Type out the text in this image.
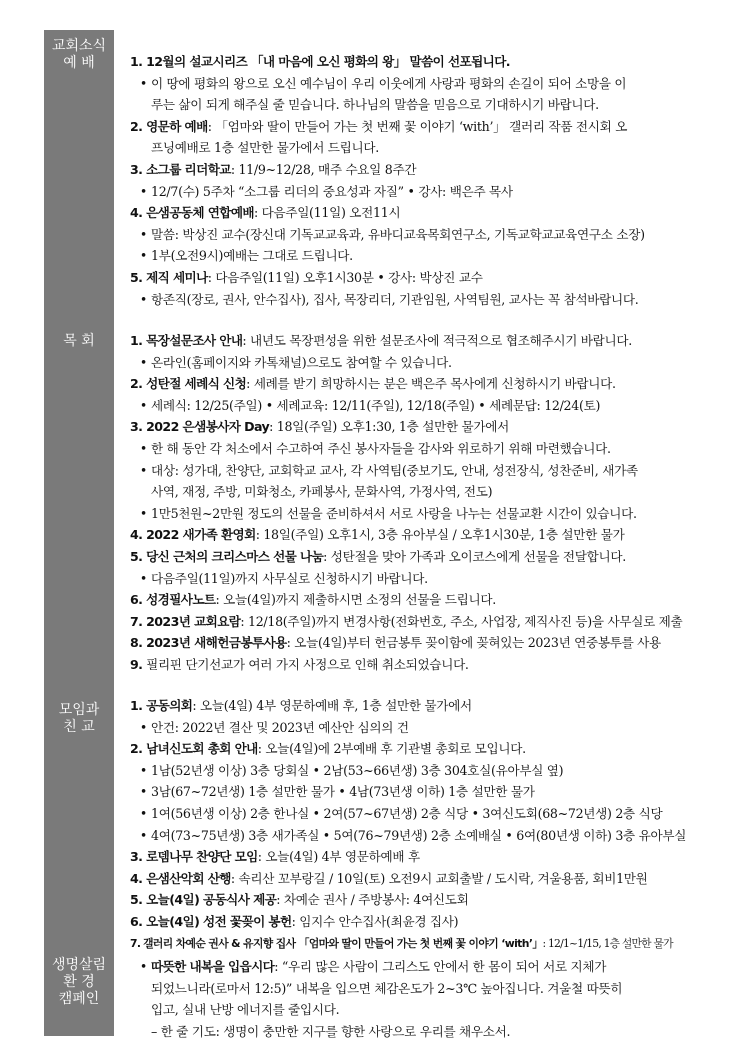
교회소식
예 배
목 회
모임과
친 교
생명살림
환 경
캠페인
1. 12월의 설교시리즈 「내 마음에 오신 평화의 왕」 말씀이 선포됩니다.
• 이 땅에 평화의 왕으로 오신 예수님이 우리 이웃에게 사랑과 평화의 손길이 되어 소망을 이
루는 삶이 되게 해주실 줄 믿습니다. 하나님의 말씀을 믿음으로 기대하시기 바랍니다.
2. 영문하 예배: 「엄마와 딸이 만들어 가는 첫 번째 꽃 이야기 ‘with’」 갤러리 작품 전시회 오
프닝예배로 1층 설만한 물가에서 드립니다.
3. 소그룹 리더학교: 11/9~12/28, 매주 수요일 8주간
• 12/7(수) 5주차 “소그룹 리더의 중요성과 자질” • 강사: 백은주 목사
4. 은샘공동체 연합예배: 다음주일(11일) 오전11시
• 말씀: 박상진 교수(장신대 기독교교육과, 유바디교육목회연구소, 기독교학교교육연구소 소장)
• 1부(오전9시)예배는 그대로 드립니다.
5. 제직 세미나: 다음주일(11일) 오후1시30분 • 강사: 박상진 교수
• 항존직(장로, 권사, 안수집사), 집사, 목장리더, 기관임원, 사역팀원, 교사는 꼭 참석바랍니다.
1. 목장설문조사 안내: 내년도 목장편성을 위한 설문조사에 적극적으로 협조해주시기 바랍니다.
• 온라인(홈페이지와 카톡채널)으로도 참여할 수 있습니다.
2. 성탄절 세례식 신청: 세례를 받기 희망하시는 분은 백은주 목사에게 신청하시기 바랍니다.
• 세례식: 12/25(주일) • 세례교육: 12/11(주일), 12/18(주일) • 세례문답: 12/24(토)
3. 2022 은샘봉사자 Day: 18일(주일) 오후1:30, 1층 설만한 물가에서
• 한 해 동안 각 처소에서 수고하여 주신 봉사자들을 감사와 위로하기 위해 마련했습니다.
• 대상: 성가대, 찬양단, 교회학교 교사, 각 사역팀(중보기도, 안내, 성전장식, 성찬준비, 새가족
사역, 재정, 주방, 미화청소, 카페봉사, 문화사역, 가정사역, 전도)
• 1만5천원~2만원 정도의 선물을 준비하셔서 서로 사랑을 나누는 선물교환 시간이 있습니다.
4. 2022 새가족 환영회: 18일(주일) 오후1시, 3층 유아부실 / 오후1시30분, 1층 설만한 물가
5. 당신 근처의 크리스마스 선물 나눔: 성탄절을 맞아 가족과 오이코스에게 선물을 전달합니다.
• 다음주일(11일)까지 사무실로 신청하시기 바랍니다.
6. 성경필사노트: 오늘(4일)까지 제출하시면 소정의 선물을 드립니다.
7. 2023년 교회요람: 12/18(주일)까지 변경사항(전화번호, 주소, 사업장, 제직사진 등)을 사무실로 제출
8. 2023년 새해헌금봉투사용: 오늘(4일)부터 헌금봉투 꽂이함에 꽂혀있는 2023년 연중봉투를 사용
9. 필리핀 단기선교가 여러 가지 사정으로 인해 취소되었습니다.
1. 공동의회: 오늘(4일) 4부 영문하예배 후, 1층 설만한 물가에서
• 안건: 2022년 결산 및 2023년 예산안 심의의 건
2. 남녀신도회 총회 안내: 오늘(4일)에 2부예배 후 기관별 총회로 모입니다.
• 1남(52년생 이상) 3층 당회실 • 2남(53~66년생) 3층 304호실(유아부실 옆)
• 3남(67~72년생) 1층 설만한 물가 • 4남(73년생 이하) 1층 설만한 물가
• 1여(56년생 이상) 2층 한나실 • 2여(57~67년생) 2층 식당 • 3여신도회(68~72년생) 2층 식당
• 4여(73~75년생) 3층 새가족실 • 5여(76~79년생) 2층 소예배실 • 6여(80년생 이하) 3층 유아부실
3. 로뎀나무 찬양단 모임: 오늘(4일) 4부 영문하예배 후
4. 은샘산악회 산행: 속리산 꼬부랑길 / 10일(토) 오전9시 교회출발 / 도시락, 겨울용품, 회비1만원
5. 오늘(4일) 공동식사 제공: 차예순 권사 / 주방봉사: 4여신도회
6. 오늘(4일) 성전 꽃꽂이 봉헌: 임지수 안수집사(최윤경 집사)
7. 갤러리 차예순 권사 & 유지향 집사 「엄마와 딸이 만들어 가는 첫 번째 꽃 이야기 ‘with’」: 12/1~1/15, 1층 설만한 물가
• 따뜻한 내복을 입읍시다: “우리 많은 사람이 그리스도 안에서 한 몸이 되어 서로 지체가
되었느니라(로마서 12:5)” 내복을 입으면 체감온도가 2~3℃ 높아집니다. 겨울철 따뜻히
입고, 실내 난방 에너지를 줄입시다.
– 한 줄 기도: 생명이 충만한 지구를 향한 사랑으로 우리를 채우소서.
